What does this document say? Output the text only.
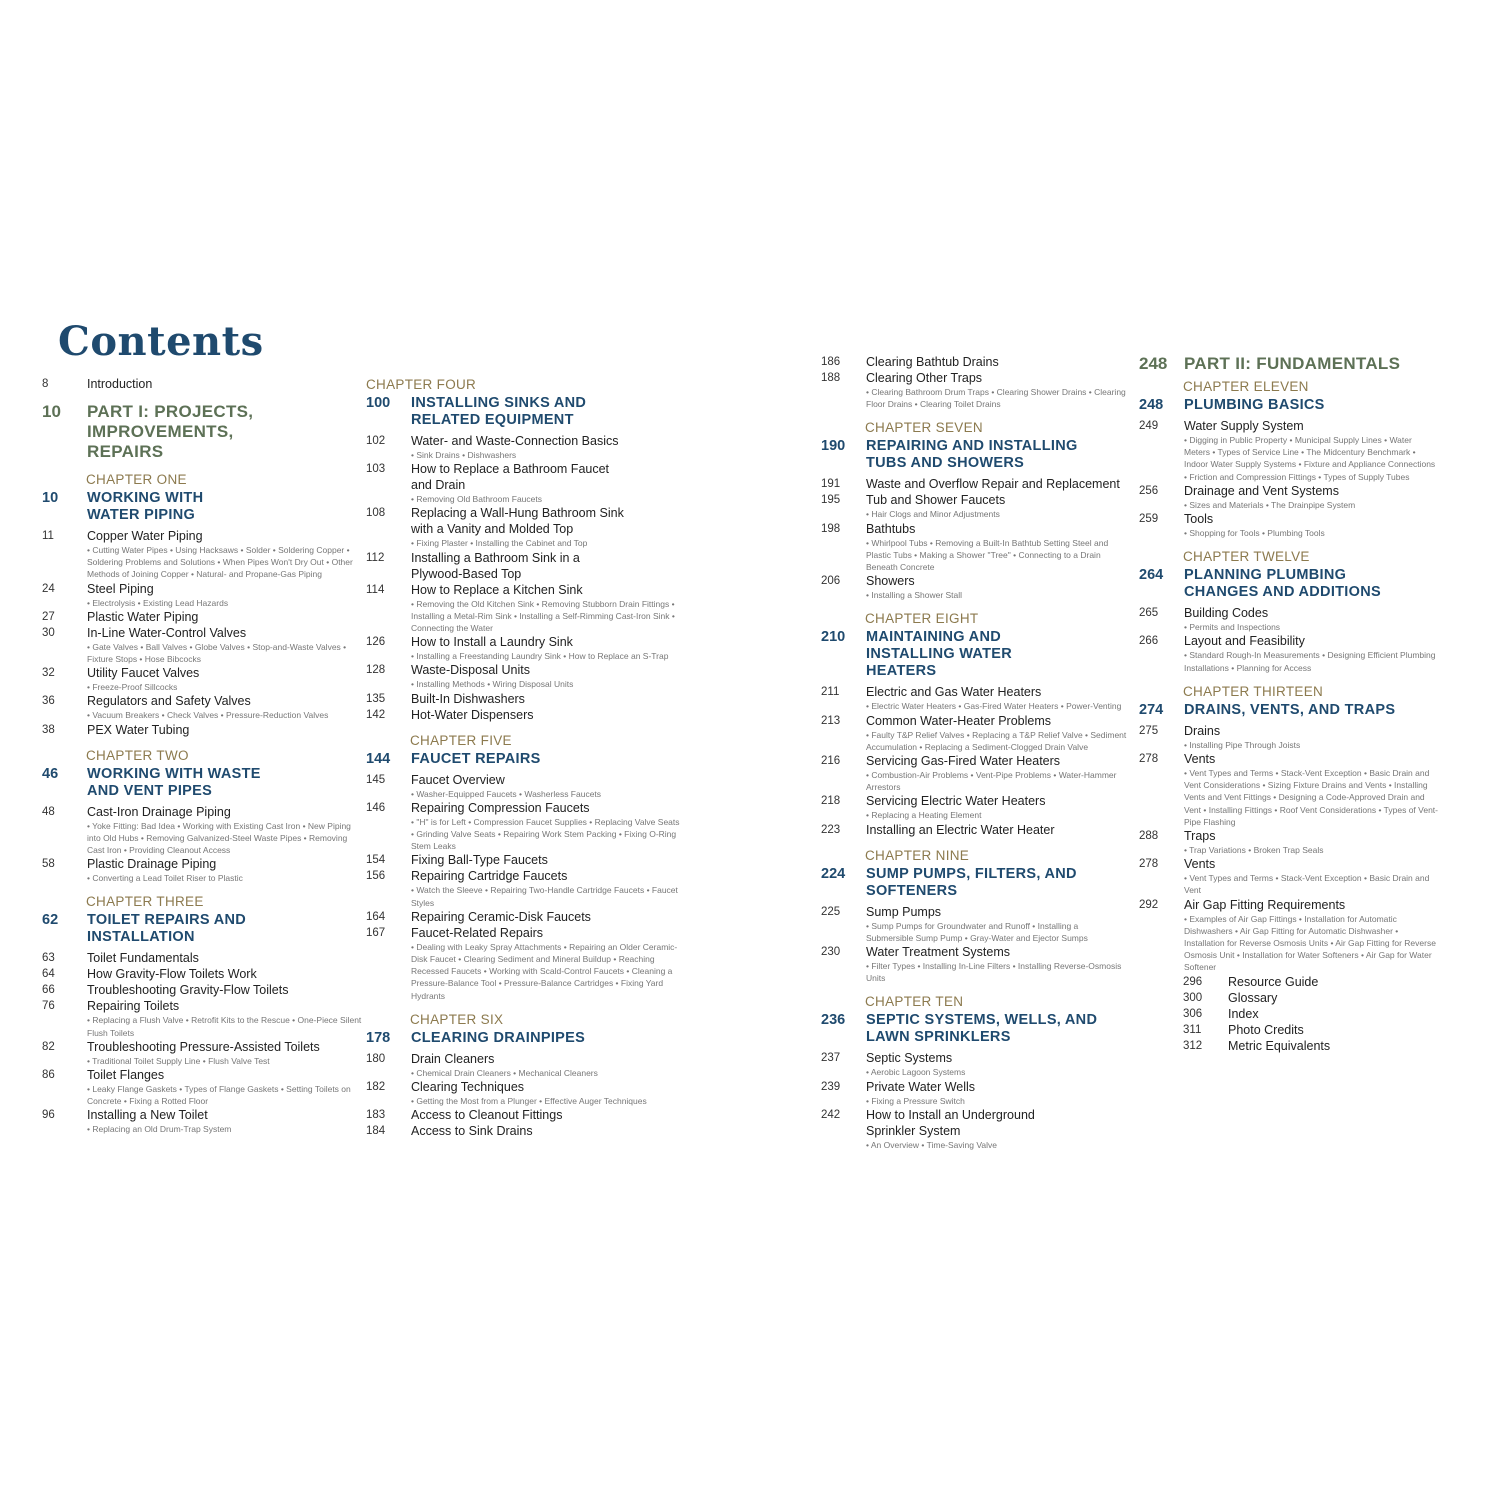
Contents
8	Introduction
10	PART I: PROJECTS, IMPROVEMENTS, REPAIRS
CHAPTER ONE
10	WORKING WITH WATER PIPING
11	Copper Water Piping
• Cutting Water Pipes • Using Hacksaws • Solder • Soldering Copper • Soldering Problems and Solutions • When Pipes Won't Dry Out • Other Methods of Joining Copper • Natural- and Propane-Gas Piping
24	Steel Piping
• Electrolysis • Existing Lead Hazards
27	Plastic Water Piping
30	In-Line Water-Control Valves
• Gate Valves • Ball Valves • Globe Valves • Stop-and-Waste Valves • Fixture Stops • Hose Bibcocks
32	Utility Faucet Valves
• Freeze-Proof Sillcocks
36	Regulators and Safety Valves
• Vacuum Breakers • Check Valves • Pressure-Reduction Valves
38	PEX Water Tubing
CHAPTER TWO
46	WORKING WITH WASTE AND VENT PIPES
48	Cast-Iron Drainage Piping
• Yoke Fitting: Bad Idea • Working with Existing Cast Iron • New Piping into Old Hubs • Removing Galvanized-Steel Waste Pipes • Removing Cast Iron • Providing Cleanout Access
58	Plastic Drainage Piping
• Converting a Lead Toilet Riser to Plastic
CHAPTER THREE
62	TOILET REPAIRS AND INSTALLATION
63	Toilet Fundamentals
64	How Gravity-Flow Toilets Work
66	Troubleshooting Gravity-Flow Toilets
76	Repairing Toilets
• Replacing a Flush Valve • Retrofit Kits to the Rescue • One-Piece Silent Flush Toilets
82	Troubleshooting Pressure-Assisted Toilets
• Traditional Toilet Supply Line • Flush Valve Test
86	Toilet Flanges
• Leaky Flange Gaskets • Types of Flange Gaskets • Setting Toilets on Concrete • Fixing a Rotted Floor
96	Installing a New Toilet
• Replacing an Old Drum-Trap System
CHAPTER FOUR
100	INSTALLING SINKS AND RELATED EQUIPMENT
102	Water- and Waste-Connection Basics
• Sink Drains • Dishwashers
103	How to Replace a Bathroom Faucet and Drain
• Removing Old Bathroom Faucets
108	Replacing a Wall-Hung Bathroom Sink with a Vanity and Molded Top
• Fixing Plaster • Installing the Cabinet and Top
112	Installing a Bathroom Sink in a Plywood-Based Top
114	How to Replace a Kitchen Sink
• Removing the Old Kitchen Sink • Removing Stubborn Drain Fittings • Installing a Metal-Rim Sink • Installing a Self-Rimming Cast-Iron Sink • Connecting the Water
126	How to Install a Laundry Sink
• Installing a Freestanding Laundry Sink • How to Replace an S-Trap
128	Waste-Disposal Units
• Installing Methods • Wiring Disposal Units
135	Built-In Dishwashers
142	Hot-Water Dispensers
CHAPTER FIVE
144	FAUCET REPAIRS
145	Faucet Overview
• Washer-Equipped Faucets • Washerless Faucets
146	Repairing Compression Faucets
• "H" is for Left • Compression Faucet Supplies • Replacing Valve Seats • Grinding Valve Seats • Repairing Work Stem Packing • Fixing O-Ring Stem Leaks
154	Fixing Ball-Type Faucets
156	Repairing Cartridge Faucets
• Watch the Sleeve • Repairing Two-Handle Cartridge Faucets • Faucet Styles
164	Repairing Ceramic-Disk Faucets
167	Faucet-Related Repairs
• Dealing with Leaky Spray Attachments • Repairing an Older Ceramic-Disk Faucet • Clearing Sediment and Mineral Buildup • Reaching Recessed Faucets • Working with Scald-Control Faucets • Cleaning a Pressure-Balance Tool • Pressure-Balance Cartridges • Fixing Yard Hydrants
CHAPTER SIX
178	CLEARING DRAINPIPES
180	Drain Cleaners
• Chemical Drain Cleaners • Mechanical Cleaners
182	Clearing Techniques
• Getting the Most from a Plunger • Effective Auger Techniques
183	Access to Cleanout Fittings
184	Access to Sink Drains
186	Clearing Bathtub Drains
188	Clearing Other Traps
• Clearing Bathroom Drum Traps • Clearing Shower Drains • Clearing Floor Drains • Clearing Toilet Drains
CHAPTER SEVEN
190	REPAIRING AND INSTALLING TUBS AND SHOWERS
191	Waste and Overflow Repair and Replacement
195	Tub and Shower Faucets
• Hair Clogs and Minor Adjustments
198	Bathtubs
• Whirlpool Tubs • Removing a Built-In Bathtub Setting Steel and Plastic Tubs • Making a Shower "Tree" • Connecting to a Drain Beneath Concrete
206	Showers
• Installing a Shower Stall
CHAPTER EIGHT
210	MAINTAINING AND INSTALLING WATER HEATERS
211	Electric and Gas Water Heaters
• Electric Water Heaters • Gas-Fired Water Heaters • Power-Venting
213	Common Water-Heater Problems
• Faulty T&P Relief Valves • Replacing a T&P Relief Valve • Sediment Accumulation • Replacing a Sediment-Clogged Drain Valve
216	Servicing Gas-Fired Water Heaters
• Combustion-Air Problems • Vent-Pipe Problems • Water-Hammer Arrestors
218	Servicing Electric Water Heaters
• Replacing a Heating Element
223	Installing an Electric Water Heater
CHAPTER NINE
224	SUMP PUMPS, FILTERS, AND SOFTENERS
225	Sump Pumps
• Sump Pumps for Groundwater and Runoff • Installing a Submersible Sump Pump • Gray-Water and Ejector Sumps
230	Water Treatment Systems
• Filter Types • Installing In-Line Filters • Installing Reverse-Osmosis Units
CHAPTER TEN
236	SEPTIC SYSTEMS, WELLS, AND LAWN SPRINKLERS
237	Septic Systems
• Aerobic Lagoon Systems
239	Private Water Wells
• Fixing a Pressure Switch
242	How to Install an Underground Sprinkler System
• An Overview • Time-Saving Valve
248 PART II: FUNDAMENTALS
CHAPTER ELEVEN
248	PLUMBING BASICS
249	Water Supply System
• Digging in Public Property • Municipal Supply Lines • Water Meters • Types of Service Line • The Midcentury Benchmark • Indoor Water Supply Systems • Fixture and Appliance Connections • Friction and Compression Fittings • Types of Supply Tubes
256	Drainage and Vent Systems
• Sizes and Materials • The Drainpipe System
259	Tools
• Shopping for Tools • Plumbing Tools
CHAPTER TWELVE
264	PLANNING PLUMBING CHANGES AND ADDITIONS
265	Building Codes
• Permits and Inspections
266	Layout and Feasibility
• Standard Rough-In Measurements • Designing Efficient Plumbing Installations • Planning for Access
CHAPTER THIRTEEN
274	DRAINS, VENTS, AND TRAPS
275	Drains
• Installing Pipe Through Joists
278	Vents
• Vent Types and Terms • Stack-Vent Exception • Basic Drain and Vent Considerations • Sizing Fixture Drains and Vents • Installing Vents and Vent Fittings • Designing a Code-Approved Drain and Vent • Installing Fittings • Roof Vent Considerations • Types of Vent-Pipe Flashing
288	Traps
• Trap Variations • Broken Trap Seals
278	Vents
• Vent Types and Terms • Stack-Vent Exception • Basic Drain and Vent
292	Air Gap Fitting Requirements
• Examples of Air Gap Fittings • Installation for Automatic Dishwashers • Air Gap Fitting for Automatic Dishwasher • Installation for Reverse Osmosis Units • Air Gap Fitting for Reverse Osmosis Unit • Installation for Water Softeners • Air Gap for Water Softener
296	Resource Guide
300	Glossary
306	Index
311	Photo Credits
312	Metric Equivalents
